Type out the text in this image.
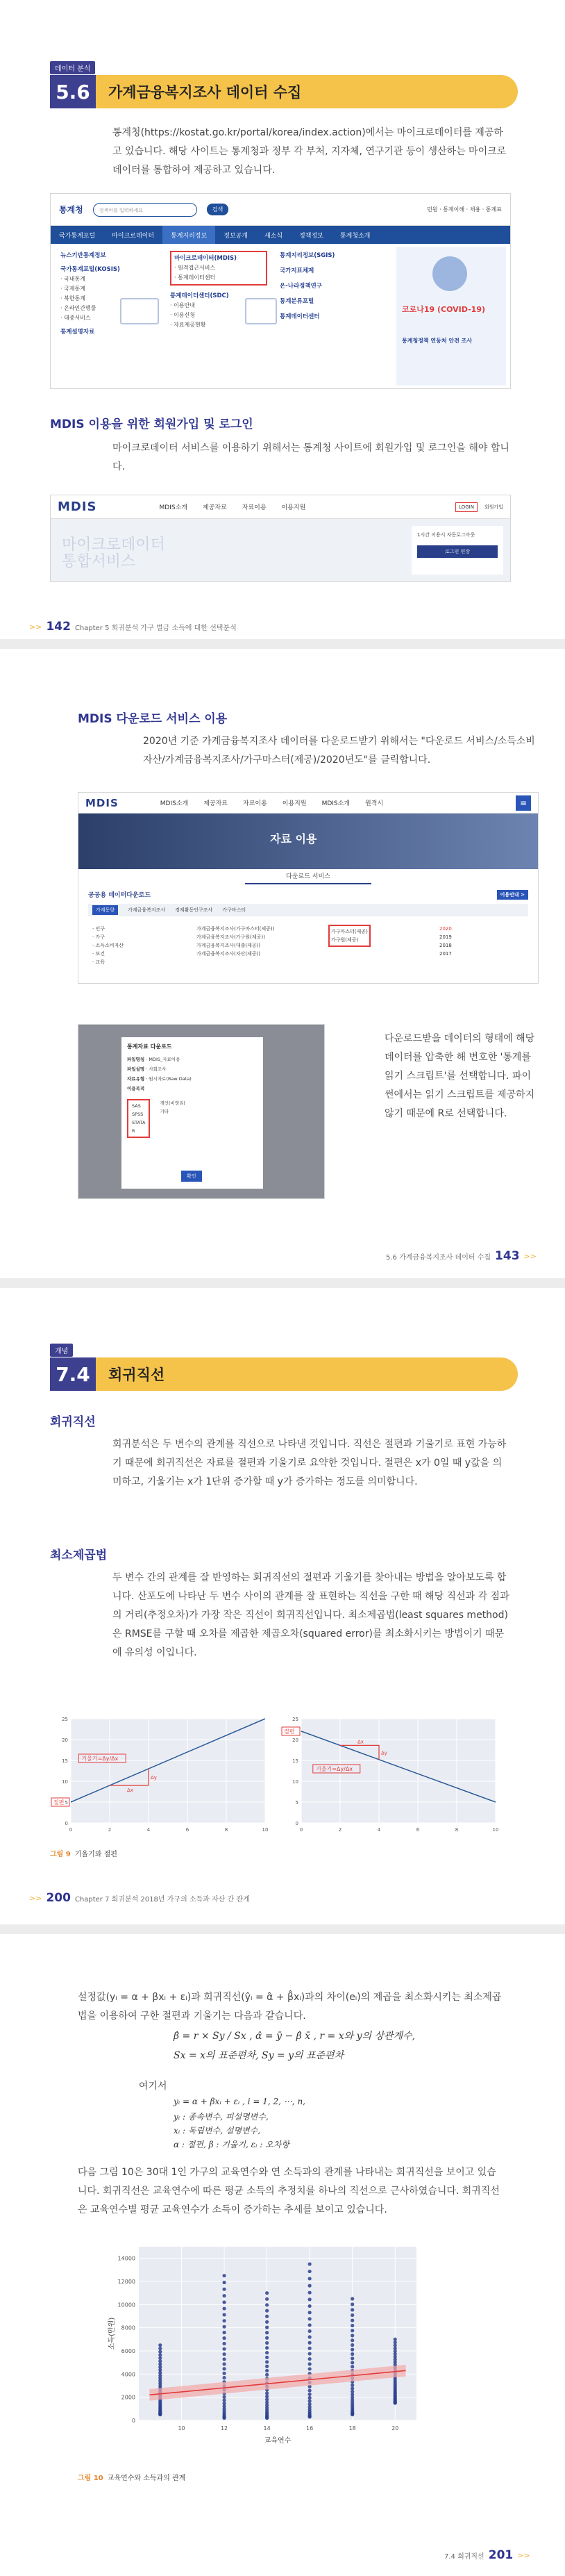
데이터 분석
5.6	가계금융복지조사 데이터 수집

통계청(https://kostat.go.kr/portal/korea/index.action)에서는 마이크로데이터를 제공하고 있습니다. 해당 사이트는 통계청과 정부 각 부처, 지자체, 연구기관 등이 생산하는 마이크로데이터를 통합하여 제공하고 있습니다.

통계청	검색어를 입력하세요	검색	민원 · 통계이해 · 채용 · 통계표
국가통계포털	마이크로데이터	통계지리정보	정보공개	새소식	정책정보	통계청소개
뉴스기반통계정보
국가통계포털(KOSIS)
· 국내통계
· 국제통계
· 북한통계
· 온라인간행물
· 대중서비스
통계설명자료
마이크로데이터(MDIS)
· 원격접근서비스
· 통계데이터센터
통계데이터센터(SDC)
· 이용안내
· 이용신청
· 자료제공현황
통계지리정보(SGIS)
국가지표체계
온-나라정책연구
통계분류포털
통계데이터센터
코로나19 (COVID-19)
통계청정책 연동처 안전 조사
MDIS 이용을 위한 회원가입 및 로그인

마이크로데이터 서비스를 이용하기 위해서는 통계청 사이트에 회원가입 및 로그인을 해야 합니다.

MDIS	MDIS소개 제공자료 자료이용 이용지원	LOGIN	회원가입
마이크로데이터 통합서비스
1시간 이용시 자동로그아웃
로그인 연장
>> 142 Chapter 5 회귀분석 가구 별금 소득에 대한 선택분석
MDIS 다운로드 서비스 이용

2020년 기준 가계금융복지조사 데이터를 다운로드받기 위해서는 "다운로드 서비스/소득소비자산/가계금융복지조사/가구마스터(제공)/2020년도"를 클릭합니다.

MDIS	MDIS소개 제공자료 자료이용 이용지원 MDIS소개 원격시	≡
자료 이용
다운로드 서비스
공공용 데이터다운로드	이용안내 >
가계동향	가계금융복지조사 경제활동인구조사 가구마스터
· 인구
· 가구
· 소득소비자산
· 보건
· 교육
가계금융복지조사(가구마스터(제공))
가계금융복지조사(가구원(제공))
가계금융복지조사(대출(제공))
가계금융복지조사(자산(제공))
가구마스터(제공)
가구원(제공)
2020
2019
2018
2017
통계자료 다운로드
파일명칭 · MDIS_자료이용
파일설명 · 사회조사
자료유형 · 원시자료(Raw Data)
이용목적
SAS
SPSS
STATA
R
개인(비영리)
기타
확인

다운로드받을 데이터의 형태에 해당 데이터를 압축한 해 변호한 '통계를 읽기 스크립트'를 선택합니다. 파이썬에서는 읽기 스크립트를 제공하지 않기 때문에 R로 선택합니다.

5.6 가계금융복지조사 데이터 수집 143 >>
개념
7.4	회귀직선
회귀직선

회귀분석은 두 변수의 관계를 직선으로 나타낸 것입니다. 직선은 절편과 기울기로 표현 가능하기 때문에 회귀직선은 자료를 절편과 기울기로 요약한 것입니다. 절편은 x가 0일 때 y값을 의미하고, 기울기는 x가 1단위 증가할 때 y가 증가하는 정도를 의미합니다.

최소제곱법

두 변수 간의 관계를 잘 반영하는 회귀직선의 절편과 기울기를 찾아내는 방법을 알아보도록 합니다. 산포도에 나타난 두 변수 사이의 관계를 잘 표현하는 직선을 구한 때 해당 직선과 각 점과의 거리(추정오차)가 가장 작은 직선이 회귀직선입니다. 최소제곱법(least squares method)은 RMSE를 구할 때 오차를 제곱한 제곱오차(squared error)를 최소화시키는 방법이기 때문에 유의성 이입니다.

기울기=Δy/Δx
Δx
Δy
절편
0	2	4	6	8	10
0
5
10
15
20
25
기울기=Δy/Δx
Δx
Δy
절편
0	2	4	6	8	10
0
5
10
15
20
25
그림 9 기울기와 절편
>> 200 Chapter 7 회귀분석 2018년 가구의 소득과 자산 간 관계

설정값(yᵢ = α + βxᵢ + εᵢ)과 회귀직선(ŷᵢ = α̂ + β̂xᵢ)과의 차이(eᵢ)의 제곱을 최소화시키는 최소제곱법을 이용하여 구한 절편과 기울기는 다음과 같습니다.

β̂ = r × Sy / Sx , α̂ = ȳ − β̂ x̄ , r = x와 y의 상관계수,
Sx = x의 표준편차, Sy = y의 표준편차
여기서
yᵢ = α + βxᵢ + εᵢ , i = 1, 2, ⋯, n,
yᵢ : 종속변수, 피설명변수,
xᵢ : 독립변수, 설명변수,
α : 절편, β : 기울기, εᵢ : 오차항

다음 그림 10은 30대 1인 가구의 교육연수와 연 소득과의 관계를 나타내는 회귀직선을 보이고 있습니다. 회귀직선은 교육연수에 따른 평균 소득의 추정치를 하나의 직선으로 근사하였습니다. 회귀직선은 교육연수별 평균 교육연수가 소득이 증가하는 추세를 보이고 있습니다.

10	12	14	16	18	20
0
2000
4000
6000
8000
10000
12000
14000
교육연수
소득(만원)
그림 10 교육연수와 소득과의 관계
7.4 회귀직선 201 >>
